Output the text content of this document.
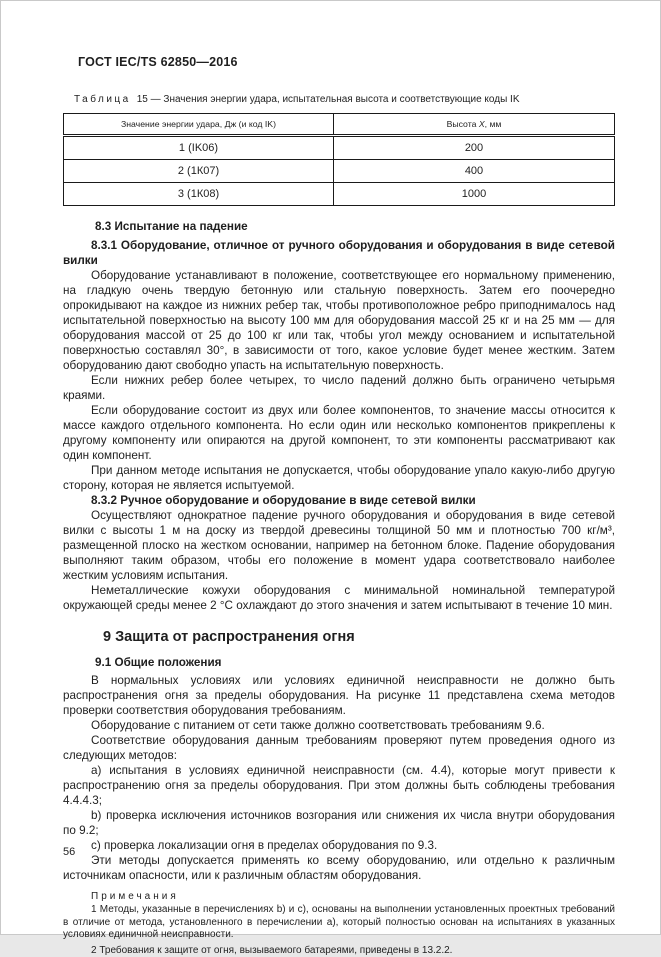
ГОСТ IEC/TS 62850—2016

Таблица 15 — Значения энергии удара, испытательная высота и соответствующие коды IK

Значение энергии удара, Дж (и код IK)	Высота X, мм
1 (IK06)	200
2 (1К07)	400
3 (1К08)	1000

8.3 Испытание на падение

8.3.1 Оборудование, отличное от ручного оборудования и оборудования в виде сетевой вилки

Оборудование устанавливают в положение, соответствующее его нормальному применению, на гладкую очень твердую бетонную или стальную поверхность. Затем его поочередно опрокидывают на каждое из нижних ребер так, чтобы противоположное ребро приподнималось над испытательной поверхностью на высоту 100 мм для оборудования массой 25 кг и на 25 мм — для оборудования массой от 25 до 100 кг или так, чтобы угол между основанием и испытательной поверхностью составлял 30°, в зависимости от того, какое условие будет менее жестким. Затем оборудованию дают свободно упасть на испытательную поверхность.

Если нижних ребер более четырех, то число падений должно быть ограничено четырьмя краями.

Если оборудование состоит из двух или более компонентов, то значение массы относится к массе каждого отдельного компонента. Но если один или несколько компонентов прикреплены к другому компоненту или опираются на другой компонент, то эти компоненты рассматривают как один компонент.

При данном методе испытания не допускается, чтобы оборудование упало какую-либо другую сторону, которая не является испытуемой.

8.3.2 Ручное оборудование и оборудование в виде сетевой вилки

Осуществляют однократное падение ручного оборудования и оборудования в виде сетевой вилки с высоты 1 м на доску из твердой древесины толщиной 50 мм и плотностью 700 кг/м³, размещенной плоско на жестком основании, например на бетонном блоке. Падение оборудования выполняют таким образом, чтобы его положение в момент удара соответствовало наиболее жестким условиям испытания.

Неметаллические кожухи оборудования с минимальной номинальной температурой окружающей среды менее 2 °С охлаждают до этого значения и затем испытывают в течение 10 мин.

9 Защита от распространения огня

9.1 Общие положения

В нормальных условиях или условиях единичной неисправности не должно быть распространения огня за пределы оборудования. На рисунке 11 представлена схема методов проверки соответствия оборудования требованиям.

Оборудование с питанием от сети также должно соответствовать требованиям 9.6.

Соответствие оборудования данным требованиям проверяют путем проведения одного из следующих методов:

a) испытания в условиях единичной неисправности (см. 4.4), которые могут привести к распространению огня за пределы оборудования. При этом должны быть соблюдены требования 4.4.4.3;

b) проверка исключения источников возгорания или снижения их числа внутри оборудования по 9.2;

c) проверка локализации огня в пределах оборудования по 9.3.

Эти методы допускается применять ко всему оборудованию, или отдельно к различным источникам опасности, или к различным областям оборудования.

Примечания

1 Методы, указанные в перечислениях b) и c), основаны на выполнении установленных проектных требований в отличие от метода, установленного в перечислении a), который полностью основан на испытаниях в указанных условиях единичной неисправности.

2 Требования к защите от огня, вызываемого батареями, приведены в 13.2.2.

56
